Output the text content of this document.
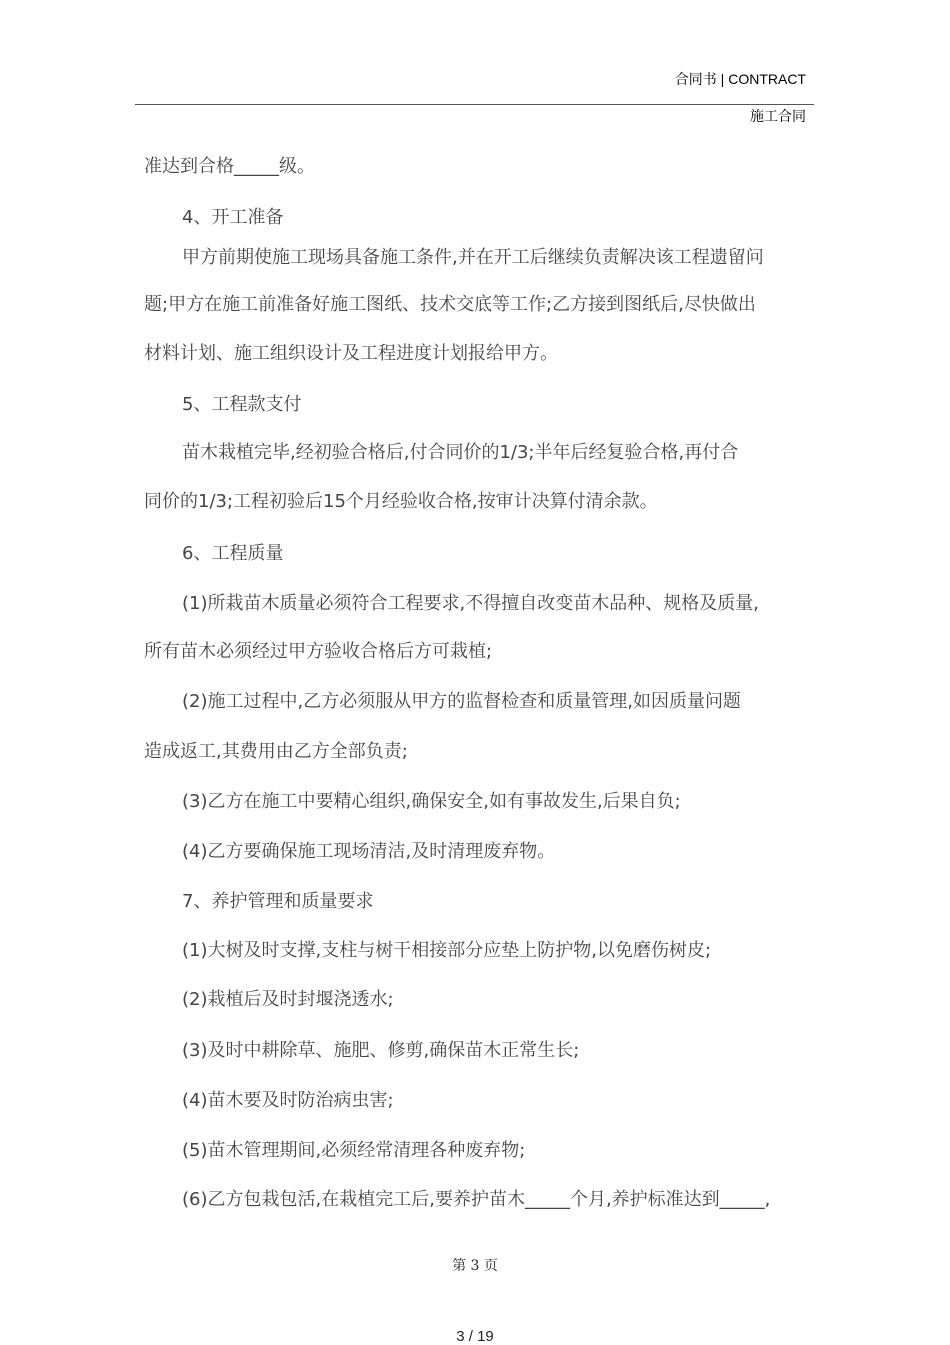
合同书 | CONTRACT
施工合同
准达到合格_____级。
4、开工准备
甲方前期使施工现场具备施工条件,并在开工后继续负责解决该工程遗留问
题;甲方在施工前准备好施工图纸、技术交底等工作;乙方接到图纸后,尽快做出
材料计划、施工组织设计及工程进度计划报给甲方。
5、工程款支付
苗木栽植完毕,经初验合格后,付合同价的1/3;半年后经复验合格,再付合
同价的1/3;工程初验后15个月经验收合格,按审计决算付清余款。
6、工程质量
(1)所栽苗木质量必须符合工程要求,不得擅自改变苗木品种、规格及质量,
所有苗木必须经过甲方验收合格后方可栽植;
(2)施工过程中,乙方必须服从甲方的监督检查和质量管理,如因质量问题
造成返工,其费用由乙方全部负责;
(3)乙方在施工中要精心组织,确保安全,如有事故发生,后果自负;
(4)乙方要确保施工现场清洁,及时清理废弃物。
7、养护管理和质量要求
(1)大树及时支撑,支柱与树干相接部分应垫上防护物,以免磨伤树皮;
(2)栽植后及时封堰浇透水;
(3)及时中耕除草、施肥、修剪,确保苗木正常生长;
(4)苗木要及时防治病虫害;
(5)苗木管理期间,必须经常清理各种废弃物;
(6)乙方包栽包活,在栽植完工后,要养护苗木_____个月,养护标准达到_____,
第 3 页
3 / 19
